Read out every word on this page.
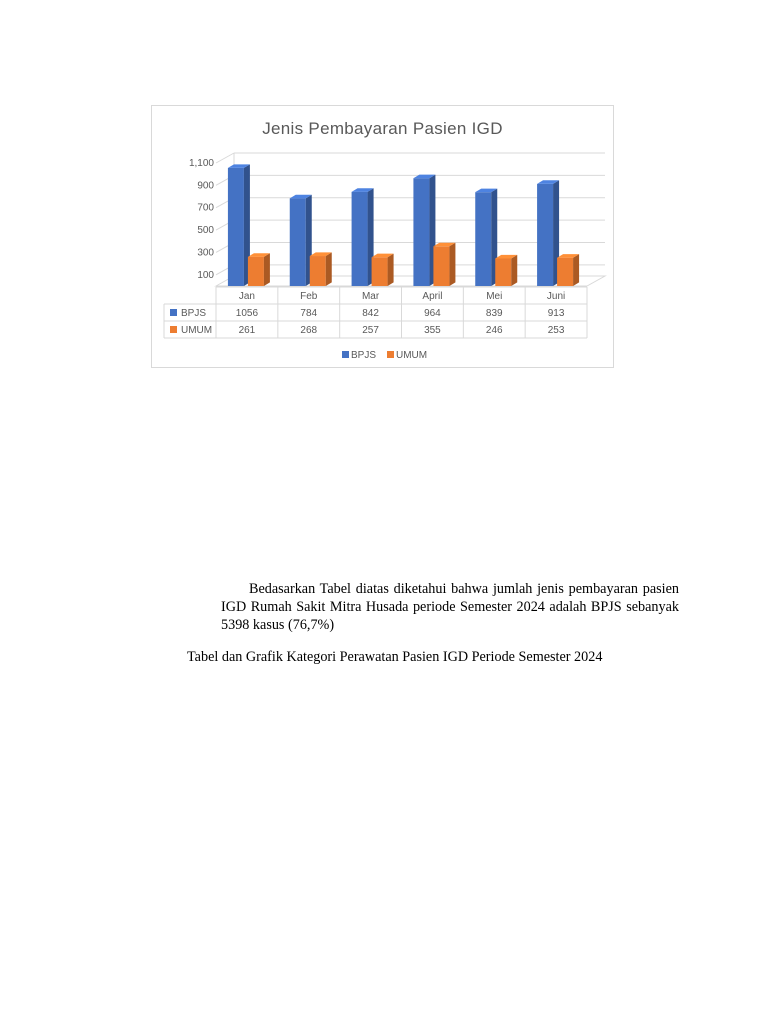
Jenis Pembayaran Pasien IGD
100
300
500
700
900
1,100
Jan	Feb	Mar	April	Mei	Juni
BPJS	1056	784	842	964	839	913
UMUM	261	268	257	355	246	253
BPJS UMUM

Bedasarkan Tabel diatas diketahui bahwa jumlah jenis pembayaran pasien IGD Rumah Sakit Mitra Husada periode Semester 2024 adalah BPJS sebanyak 5398 kasus (76,7%)

Tabel dan Grafik Kategori Perawatan Pasien IGD Periode Semester 2024
